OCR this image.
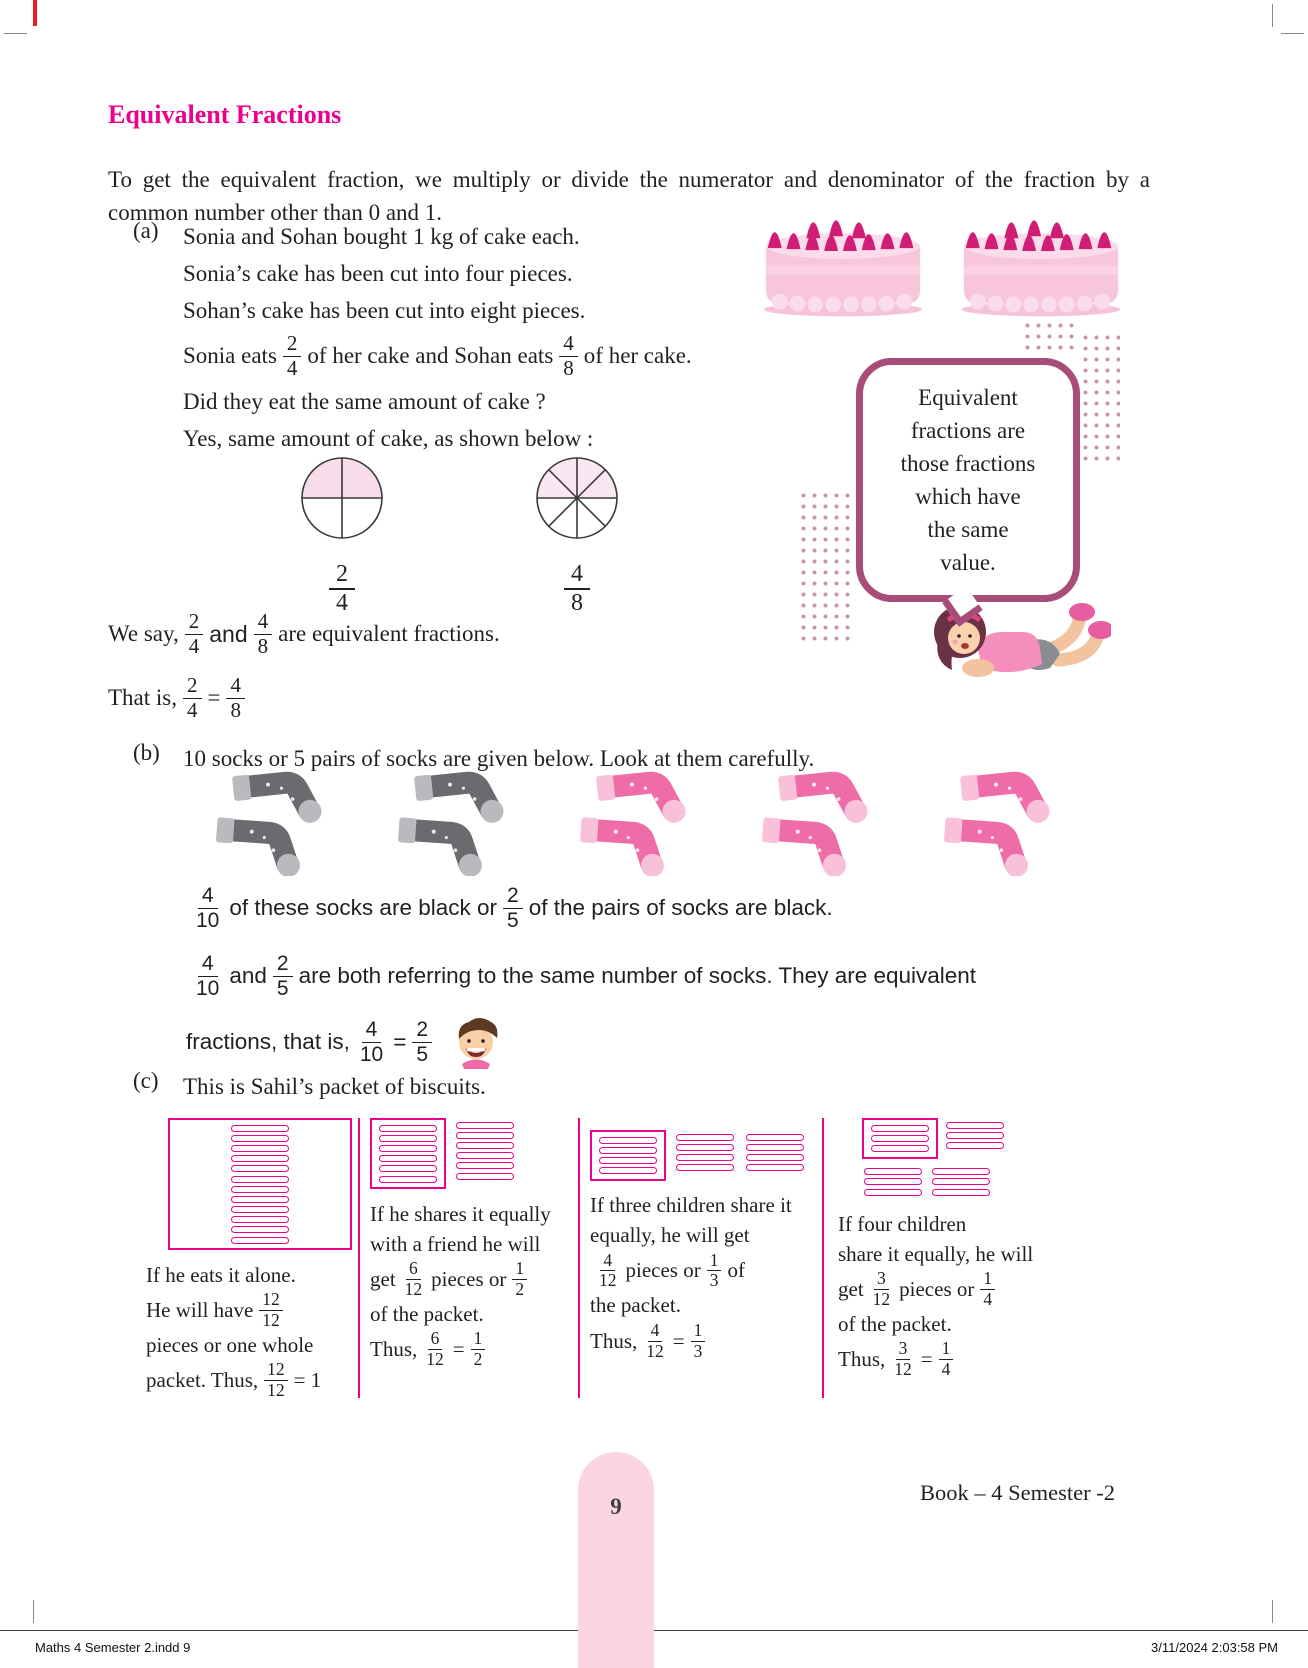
Equivalent Fractions

To get the equivalent fraction, we multiply or divide the numerator and denominator of the fraction by a common number other than 0 and 1.

(a)	Sonia and Sohan bought 1 kg of cake each.
Sonia’s cake has been cut into four pieces.
Sohan’s cake has been cut into eight pieces.
Sonia eats $\frac{2}{4}$ of her cake and Sohan eats $\frac{4}{8}$ of her cake.
Did they eat the same amount of cake ?
Yes, same amount of cake, as shown below :
Equivalent
fractions are
those fractions
which have
the same
value.

$\frac{2}{4}$
	$\frac{4}{8}$
We say, $\frac{2}{4}$ and $\frac{4}{8}$ are equivalent fractions.
That is, $\frac{2}{4} = \frac{4}{8}$
(b)	10 socks or 5 pairs of socks are given below. Look at them carefully.
$\frac{4}{10}$ of these socks are black or $\frac{2}{5}$ of the pairs of socks are black.
$\frac{4}{10}$ and $\frac{2}{5}$ are both referring to the same number of socks. They are equivalent
fractions, that is, $\frac{4}{10} = \frac{2}{5}$
(c)	This is Sahil’s packet of biscuits.
If he eats it alone.
He will have $\frac{12}{12}$
pieces or one whole
packet. Thus, $\frac{12}{12} = 1$
If he shares it equally
with a friend he will
get $\frac{6}{12}$ pieces or $\frac{1}{2}$
of the packet.
Thus, $\frac{6}{12} = \frac{1}{2}$
If three children share it
equally, he will get
$\frac{4}{12}$ pieces or $\frac{1}{3}$ of
the packet.
Thus, $\frac{4}{12} = \frac{1}{3}$
If four children
share it equally, he will
get $\frac{3}{12}$ pieces or $\frac{1}{4}$
of the packet.
Thus, $\frac{3}{12} = \frac{1}{4}$
9
Book – 4 Semester -2
Maths 4 Semester 2.indd 9	3/11/2024 2:03:58 PM
